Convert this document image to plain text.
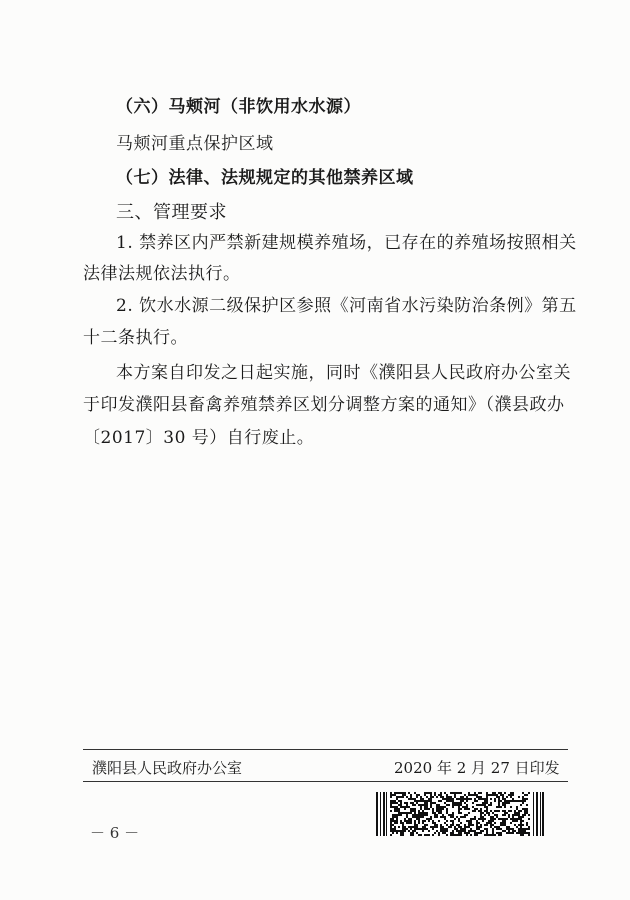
（六）马颊河（非饮用水水源）
马颊河重点保护区域
（七）法律、法规规定的其他禁养区域
三、管理要求
1. 禁养区内严禁新建规模养殖场，已存在的养殖场按照相关
法律法规依法执行。
2. 饮水水源二级保护区参照《河南省水污染防治条例》第五
十二条执行。
本方案自印发之日起实施，同时《濮阳县人民政府办公室关
于印发濮阳县畜禽养殖禁养区划分调整方案的通知》（濮县政办
〔2017〕30 号）自行废止。
濮阳县人民政府办公室	2020 年 2 月 27 日印发
－ 6 －
